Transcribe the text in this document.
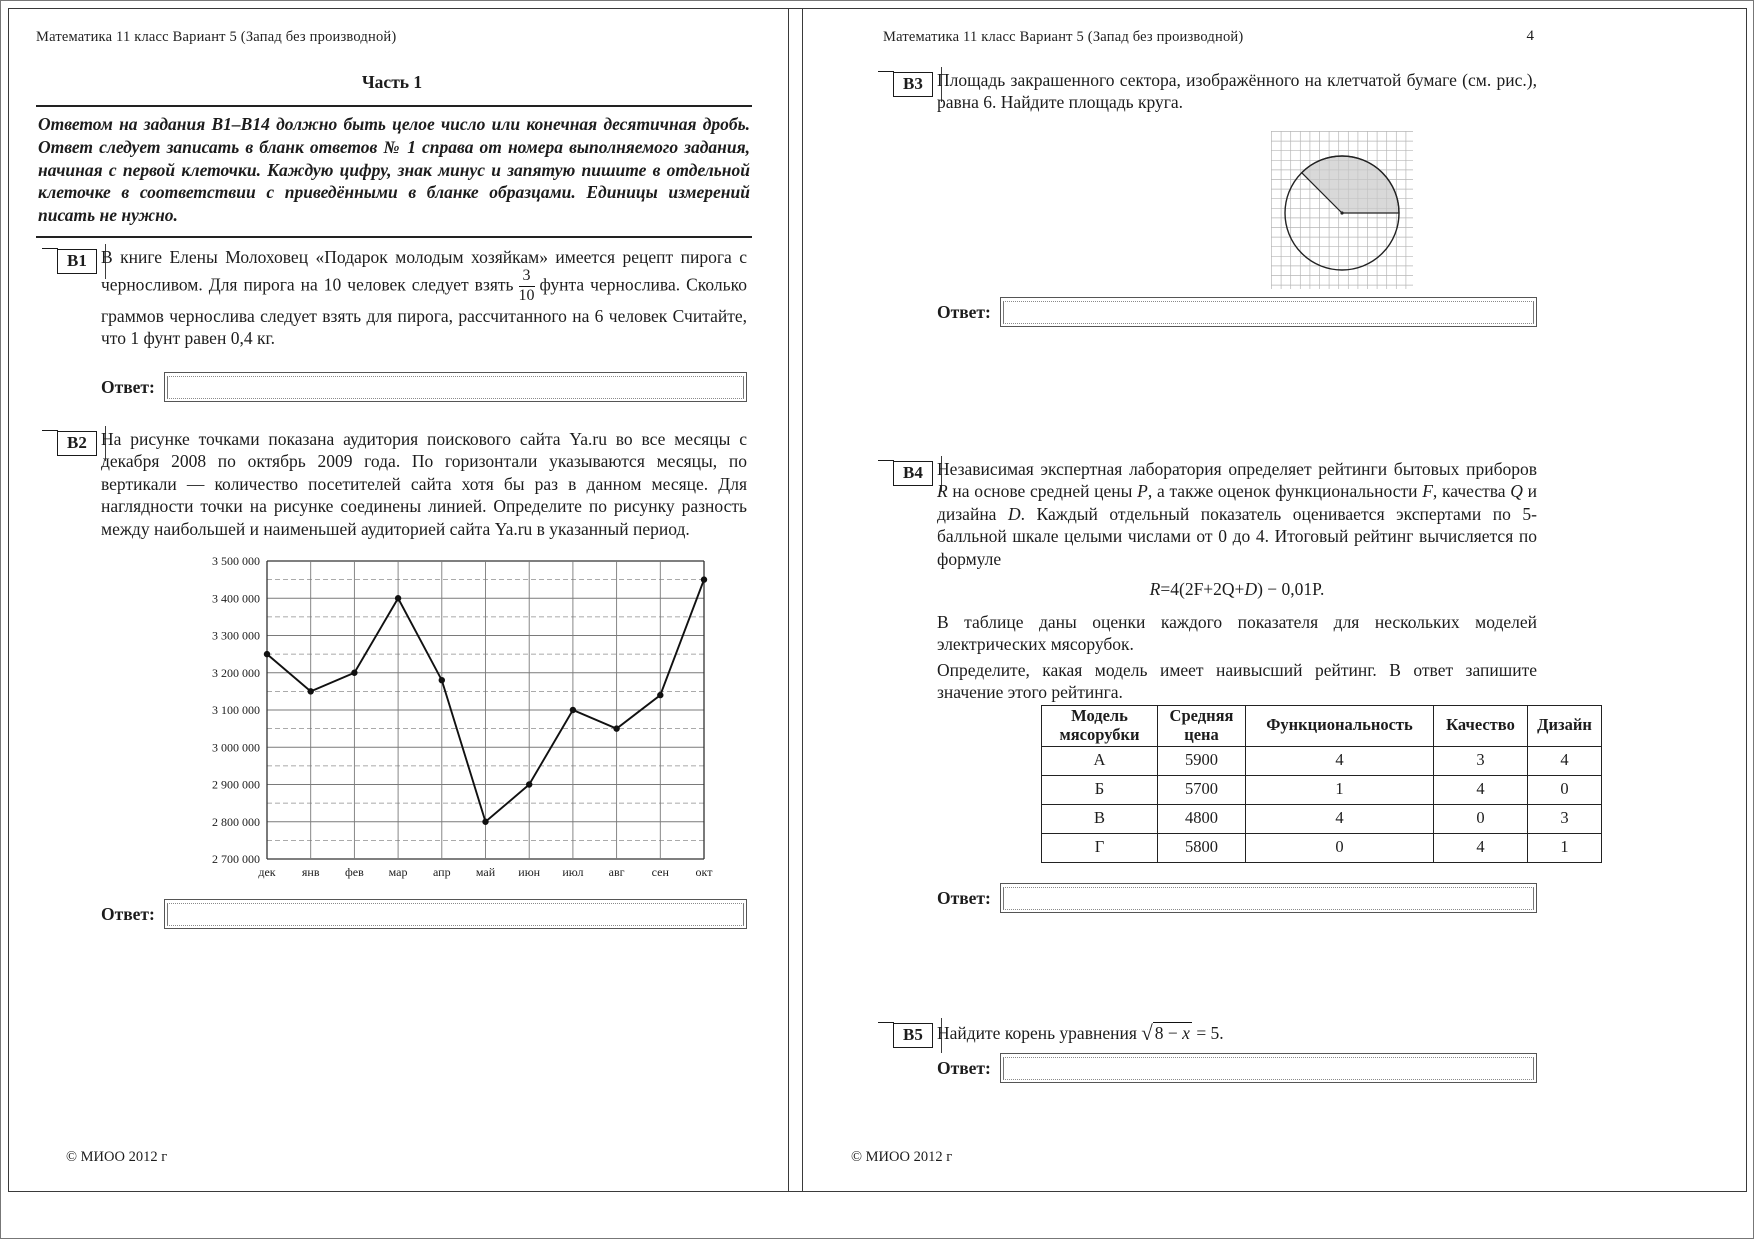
Математика 11 класс Вариант 5 (Запад без производной)
Часть 1
Ответом на задания В1–В14 должно быть целое число или конечная десятичная дробь. Ответ следует записать в бланк ответов № 1 справа от номера выполняемого задания, начиная с первой клеточки. Каждую цифру, знак минус и запятую пишите в отдельной клеточке в соответствии с приведёнными в бланке образцами. Единицы измерений писать не нужно.
В1 В книге Елены Молоховец «Подарок молодым хозяйкам» имеется рецепт пирога с черносливом. Для пирога на 10 человек следует взять $\frac{3}{10}$ фунта чернослива. Сколько граммов чернослива следует взять для пирога, рассчитанного на 6 человек Считайте, что 1 фунт равен 0,4 кг.
Ответ:
В2 На рисунке точками показана аудитория поискового сайта Ya.ru во все месяцы с декабря 2008 по октябрь 2009 года. По горизонтали указываются месяцы, по вертикали — количество посетителей сайта хотя бы раз в данном месяце. Для наглядности точки на рисунке соединены линией. Определите по рисунку разность между наибольшей и наименьшей аудиторией сайта Ya.ru в указанный период.
2 700 000
2 800 000
2 900 000
3 000 000
3 100 000
3 200 000
3 300 000
3 400 000
3 500 000
дек янв фев мар апр май июн июл авг сен окт
Ответ:
© МИОО 2012 г
Математика 11 класс Вариант 5 (Запад без производной)	4
В3 Площадь закрашенного сектора, изображённого на клетчатой бумаге (см. рис.), равна 6. Найдите площадь круга.
Ответ:
В4 Независимая экспертная лаборатория определяет рейтинги бытовых приборов R на основе средней цены P, а также оценок функциональности F, качества Q и дизайна D. Каждый отдельный показатель оценивается экспертами по 5-балльной шкале целыми числами от 0 до 4. Итоговый рейтинг вычисляется по формуле
R=4(2F+2Q+D) − 0,01P.
В таблице даны оценки каждого показателя для нескольких моделей электрических мясорубок.
Определите, какая модель имеет наивысший рейтинг. В ответ запишите значение этого рейтинга.
Модель мясорубки	Средняя цена	Функциональность	Качество	Дизайн
А	5900	4	3	4
Б	5700	1	4	0
В	4800	4	0	3
Г	5800	0	4	1
Ответ:
В5 Найдите корень уравнения √ 8 − x = 5.
Ответ:
© МИОО 2012 г
